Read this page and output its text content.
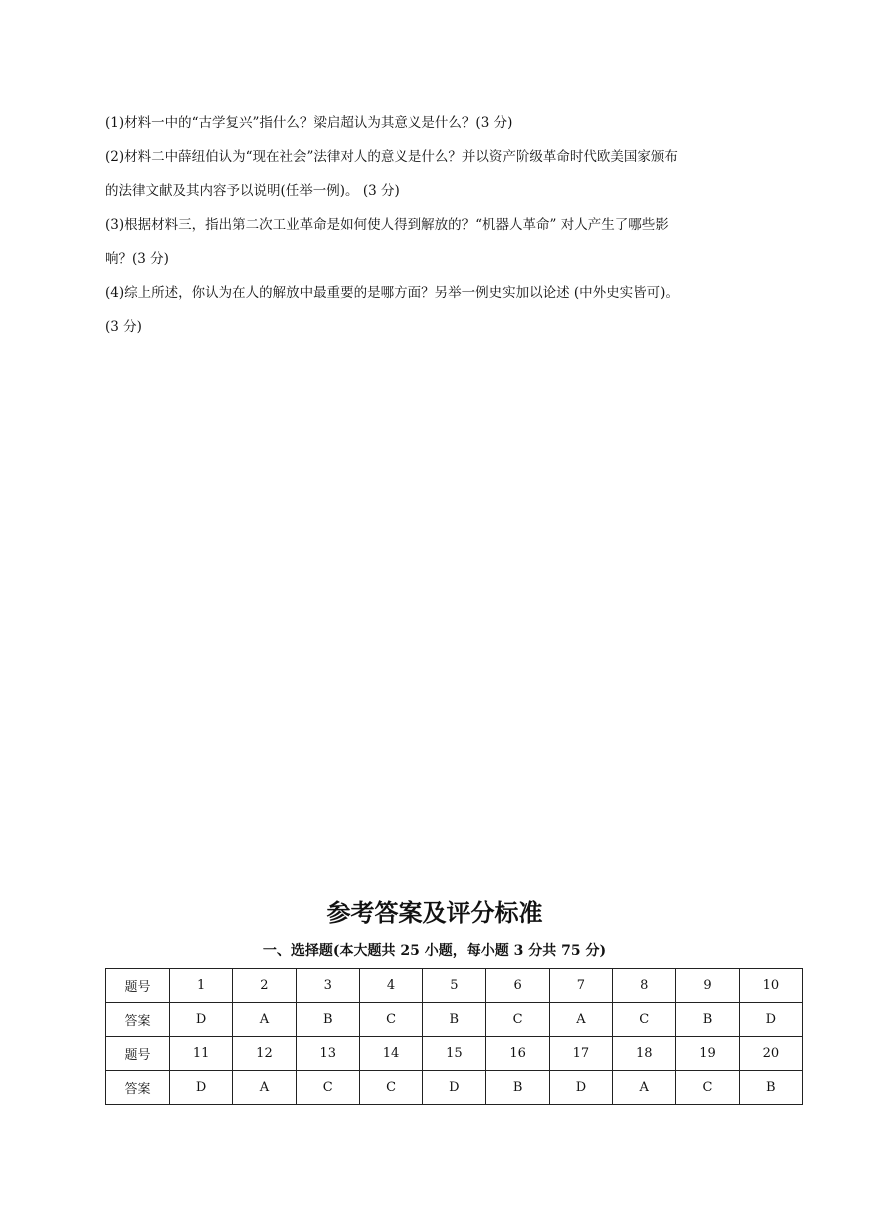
(1)材料一中的“古学复兴”指什么？梁启超认为其意义是什么？(3 分)
(2)材料二中薛纽伯认为“现在社会”法律对人的意义是什么？并以资产阶级革命时代欧美国家颁布
的法律文献及其内容予以说明(任举一例)。 (3 分)
(3)根据材料三，指出第二次工业革命是如何使人得到解放的？“机器人革命” 对人产生了哪些影
响？(3 分)
(4)综上所述，你认为在人的解放中最重要的是哪方面？另举一例史实加以论述 (中外史实皆可)。
(3 分)
参考答案及评分标准
一、选择题(本大题共 25 小题，每小题 3 分共 75 分)
题号	1	2	3	4	5	6	7	8	9	10
答案	D	A	B	C	B	C	A	C	B	D
题号	11	12	13	14	15	16	17	18	19	20
答案	D	A	C	C	D	B	D	A	C	B
